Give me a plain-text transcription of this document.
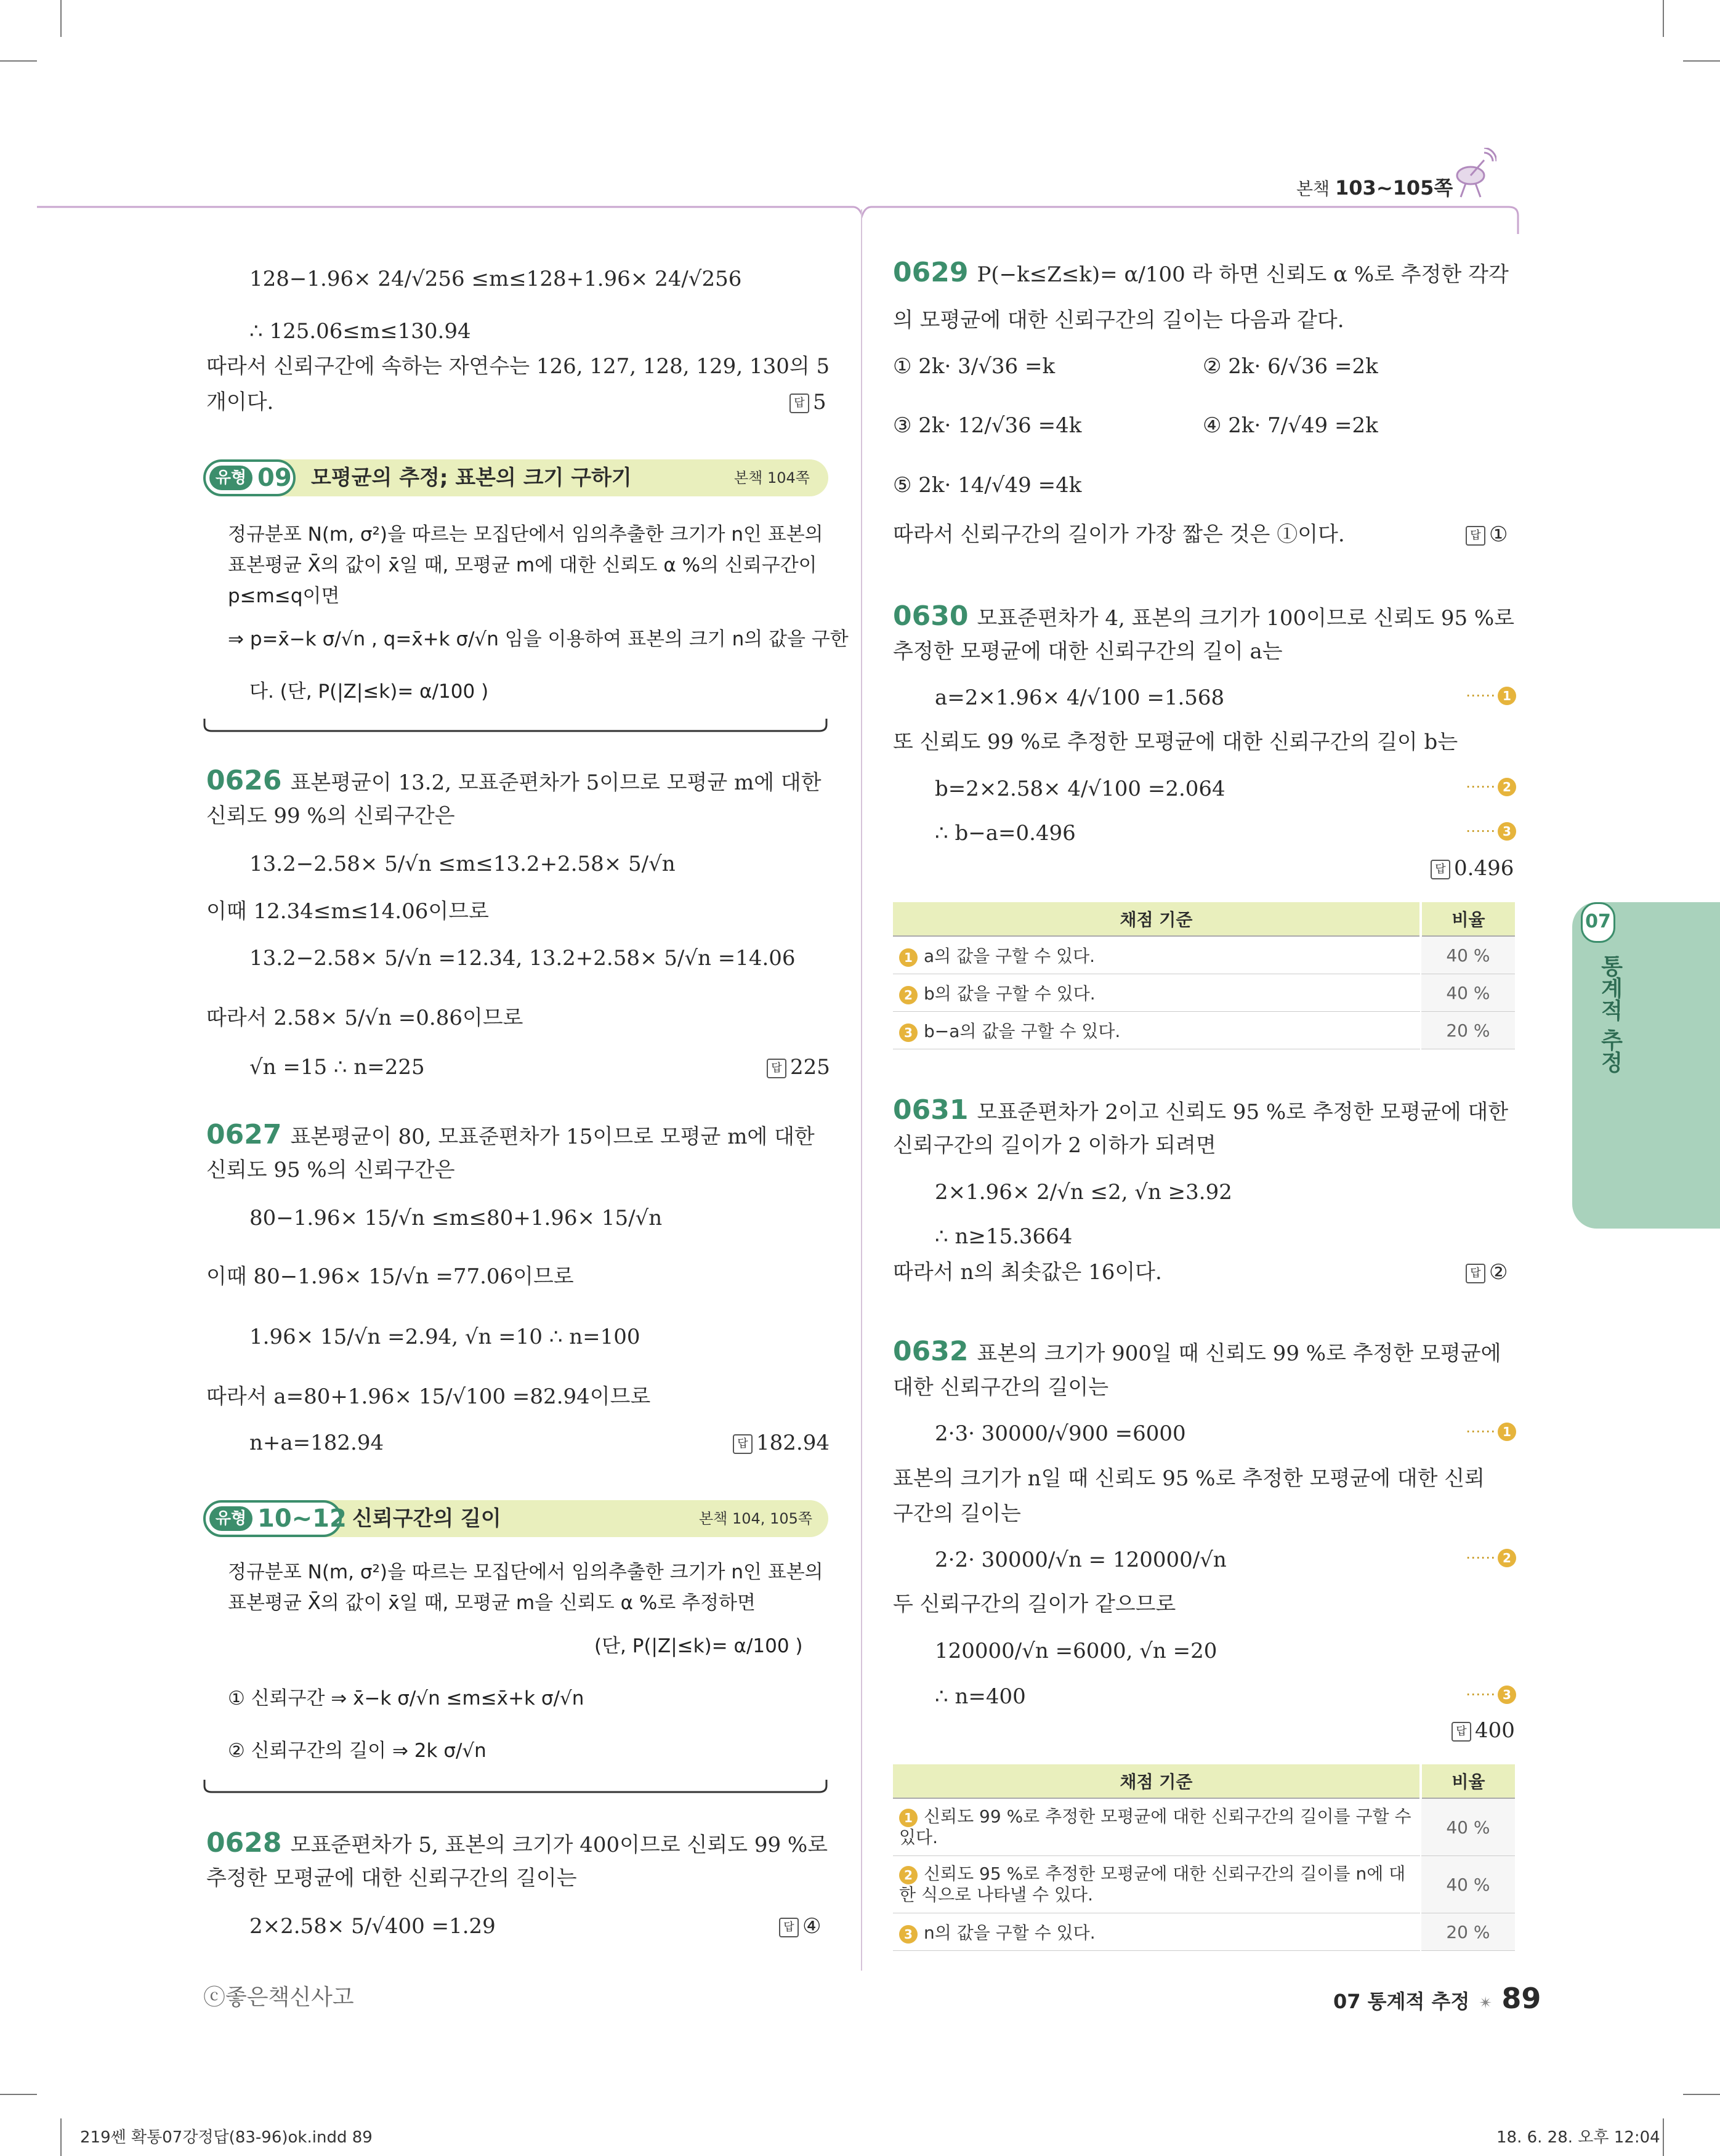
본책 103~105쪽
128−1.96× 24/√256 ≤m≤128+1.96× 24/√256
∴ 125.06≤m≤130.94
따라서 신뢰구간에 속하는 자연수는 126, 127, 128, 129, 130의 5
개이다.	답 5
유형 09 모평균의 추정; 표본의 크기 구하기	본책 104쪽
정규분포 N(m, σ²)을 따르는 모집단에서 임의추출한 크기가 n인 표본의
표본평균 X̄의 값이 x̄일 때, 모평균 m에 대한 신뢰도 α %의 신뢰구간이
p≤m≤q이면
⇒ p=x̄−k σ/√n , q=x̄+k σ/√n 임을 이용하여 표본의 크기 n의 값을 구한
다. (단, P(|Z|≤k)= α/100 )
0626 표본평균이 13.2, 모표준편차가 5이므로 모평균 m에 대한
신뢰도 99 %의 신뢰구간은
13.2−2.58× 5/√n ≤m≤13.2+2.58× 5/√n
이때 12.34≤m≤14.06이므로
13.2−2.58× 5/√n =12.34, 13.2+2.58× 5/√n =14.06
따라서 2.58× 5/√n =0.86이므로
√n =15 ∴ n=225	답 225
0627 표본평균이 80, 모표준편차가 15이므로 모평균 m에 대한
신뢰도 95 %의 신뢰구간은
80−1.96× 15/√n ≤m≤80+1.96× 15/√n
이때 80−1.96× 15/√n =77.06이므로
1.96× 15/√n =2.94, √n =10 ∴ n=100
따라서 a=80+1.96× 15/√100 =82.94이므로
n+a=182.94	답 182.94
유형 10~12 신뢰구간의 길이	본책 104, 105쪽
정규분포 N(m, σ²)을 따르는 모집단에서 임의추출한 크기가 n인 표본의
표본평균 X̄의 값이 x̄일 때, 모평균 m을 신뢰도 α %로 추정하면
(단, P(|Z|≤k)= α/100 )
① 신뢰구간 ⇒ x̄−k σ/√n ≤m≤x̄+k σ/√n
② 신뢰구간의 길이 ⇒ 2k σ/√n
0628 모표준편차가 5, 표본의 크기가 400이므로 신뢰도 99 %로
추정한 모평균에 대한 신뢰구간의 길이는
2×2.58× 5/√400 =1.29	답 ④
ⓒ좋은책신사고
0629 P(−k≤Z≤k)= α/100 라 하면 신뢰도 α %로 추정한 각각
의 모평균에 대한 신뢰구간의 길이는 다음과 같다.
① 2k· 3/√36 =k	② 2k· 6/√36 =2k
③ 2k· 12/√36 =4k	④ 2k· 7/√49 =2k
⑤ 2k· 14/√49 =4k
따라서 신뢰구간의 길이가 가장 짧은 것은 ①이다.	답 ①
0630 모표준편차가 4, 표본의 크기가 100이므로 신뢰도 95 %로
추정한 모평균에 대한 신뢰구간의 길이 a는
a=2×1.96× 4/√100 =1.568	⋯⋯ 1
또 신뢰도 99 %로 추정한 모평균에 대한 신뢰구간의 길이 b는
b=2×2.58× 4/√100 =2.064	⋯⋯ 2
∴ b−a=0.496	⋯⋯ 3
답 0.496
채점 기준	비율
1 a의 값을 구할 수 있다.	40 %
2 b의 값을 구할 수 있다.	40 %
3 b−a의 값을 구할 수 있다.	20 %
0631 모표준편차가 2이고 신뢰도 95 %로 추정한 모평균에 대한
신뢰구간의 길이가 2 이하가 되려면
2×1.96× 2/√n ≤2, √n ≥3.92
∴ n≥15.3664
따라서 n의 최솟값은 16이다.	답 ②
0632 표본의 크기가 900일 때 신뢰도 99 %로 추정한 모평균에
대한 신뢰구간의 길이는
2·3· 30000/√900 =6000	⋯⋯ 1
표본의 크기가 n일 때 신뢰도 95 %로 추정한 모평균에 대한 신뢰
구간의 길이는
2·2· 30000/√n = 120000/√n	⋯⋯ 2
두 신뢰구간의 길이가 같으므로
120000/√n =6000, √n =20
∴ n=400	⋯⋯ 3
답 400
채점 기준	비율
1 신뢰도 99 %로 추정한 모평균에 대한 신뢰구간의 길이를 구할 수 있다.	40 %
2 신뢰도 95 %로 추정한 모평균에 대한 신뢰구간의 길이를 n에 대한 식으로 나타낼 수 있다.	40 %
3 n의 값을 구할 수 있다.	20 %
07 통계적 추정 ✴ 89
07
통계적 추정
219쎈 확통07강정답(83-96)ok.indd 89	18. 6. 28. 오후 12:04
